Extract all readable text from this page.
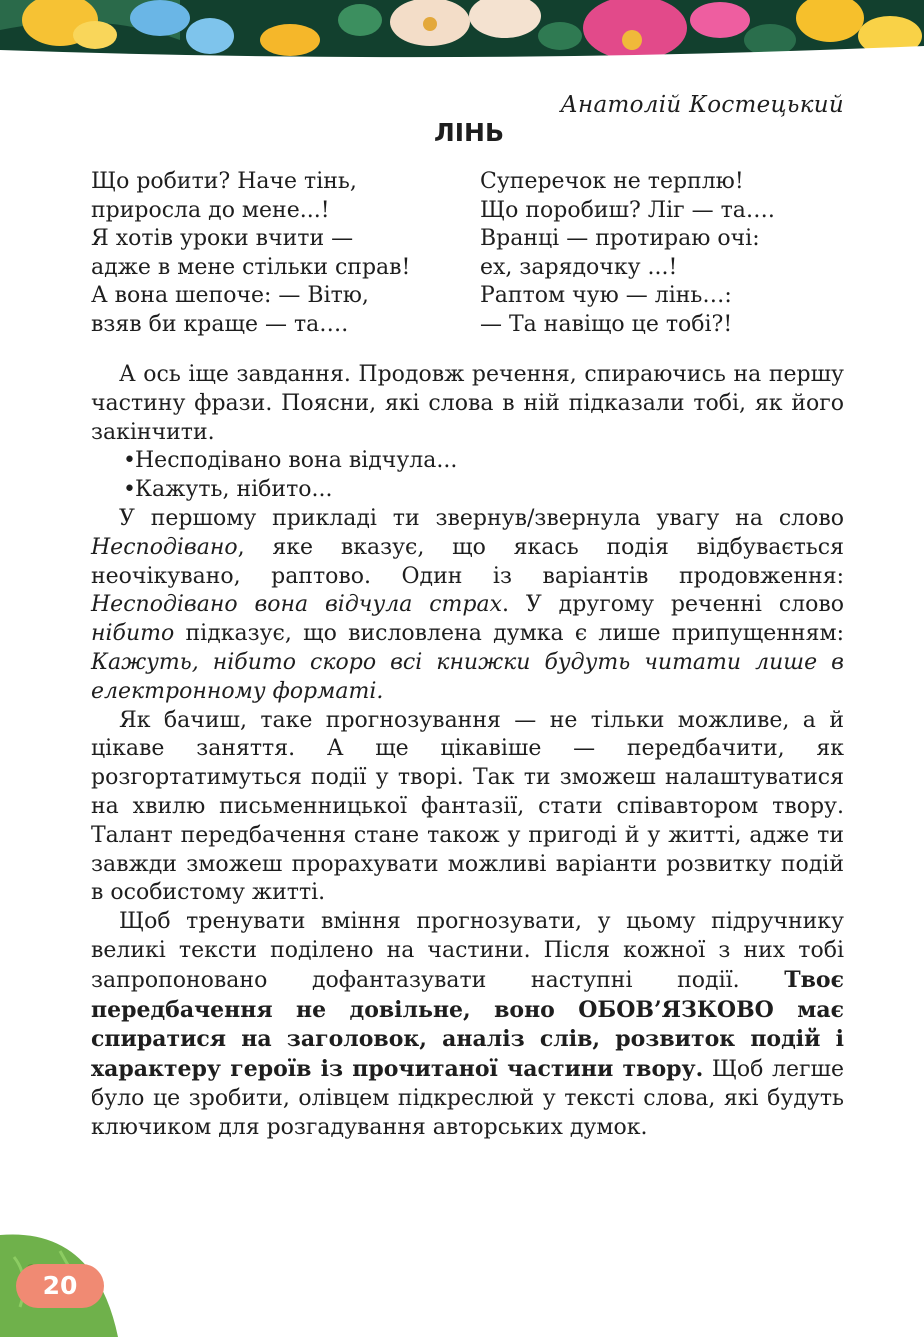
Анатолій Костецький
ЛІНЬ
Що робити? Наче тінь,
приросла до мене...!
Я хотів уроки вчити —
адже в мене стільки справ!
А вона шепоче: — Вітю,
взяв би краще — та….
Суперечок не терплю!
Що поробиш? Ліг — та….
Вранці — протираю очі:
ех, зарядочку ...!
Раптом чую — лінь…:
— Та навіщо це тобі?!

А ось іще завдання. Продовж речення, спираючись на першу частину фрази. Поясни, які слова в ній підказали тобі, як його закінчити.

•Несподівано вона відчула...

•Кажуть, нібито...

У першому прикладі ти звернув/звернула увагу на слово Несподівано, яке вказує, що якась подія відбувається неочікувано, раптово. Один із варіантів продовження: Несподівано вона відчула страх. У другому реченні слово нібито підказує, що висловлена думка є лише припущенням: Кажуть, нібито скоро всі книжки будуть читати лише в електронному форматі.

Як бачиш, таке прогнозування — не тільки можливе, а й цікаве заняття. А ще цікавіше — передбачити, як розгортатимуться події у творі. Так ти зможеш налаштуватися на хвилю письменницької фантазії, стати співавтором твору. Талант передбачення стане також у пригоді й у житті, адже ти завжди зможеш прорахувати можливі варіанти розвитку подій в особистому житті.

Щоб тренувати вміння прогнозувати, у цьому підручнику великі тексти поділено на частини. Після кожної з них тобі запропоновано дофантазувати наступні події. Твоє передбачення не довільне, воно ОБОВ’ЯЗКОВО має спиратися на заголовок, аналіз слів, розвиток подій і характеру героїв із прочитаної частини твору. Щоб легше було це зробити, олівцем підкреслюй у тексті слова, які будуть ключиком для розгадування авторських думок.

20
